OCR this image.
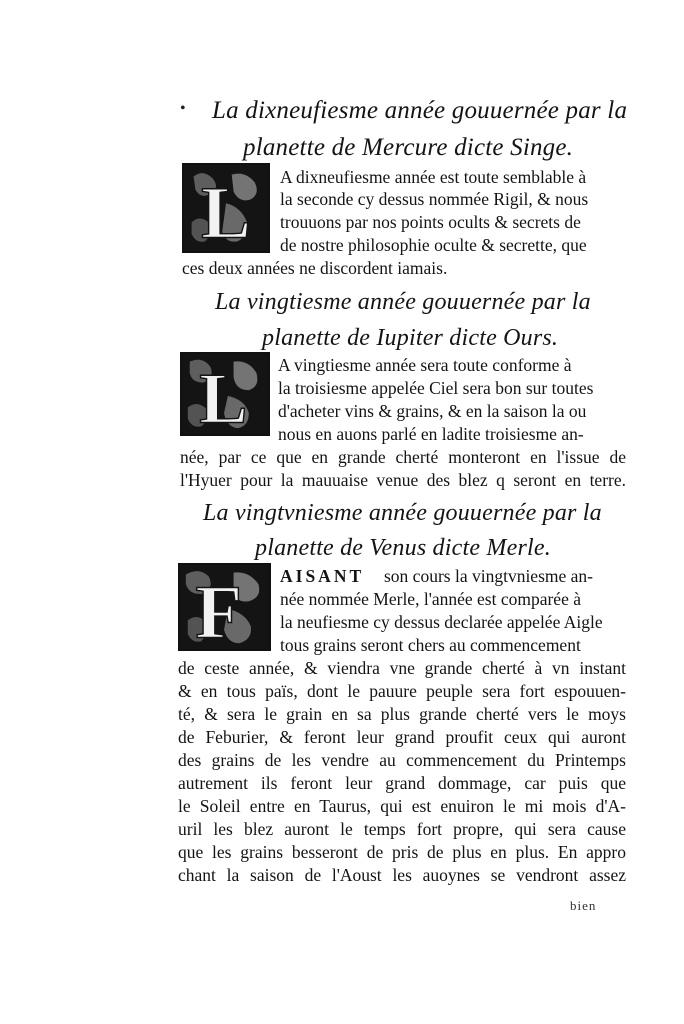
• La dixneufiesme année gouuernée par la
planette de Mercure dicte Singe.
L A dixneufiesme année est toute semblable à
la seconde cy dessus nommée Rigil, & nous
trouuons par nos points ocults & secrets de
de nostre philosophie oculte & secrette, que
ces deux années ne discordent iamais.
La vingtiesme année gouuernée par la
planette de Iupiter dicte Ours.
L A vingtiesme année sera toute conforme à
la troisiesme appelée Ciel sera bon sur toutes
d'acheter vins & grains, & en la saison la ou
nous en auons parlé en ladite troisiesme an-
née, par ce que en grande cherté monteront en l'issue de
l'Hyuer pour la mauuaise venue des blez q seront en terre.
La vingtvniesme année gouuernée par la
planette de Venus dicte Merle.
F AISANT son cours la vingtvniesme an-
née nommée Merle, l'année est comparée à
la neufiesme cy dessus declarée appelée Aigle
tous grains seront chers au commencement
de ceste année, & viendra vne grande cherté à vn instant
& en tous païs, dont le pauure peuple sera fort espouuen-
té, & sera le grain en sa plus grande cherté vers le moys
de Feburier, & feront leur grand proufit ceux qui auront
des grains de les vendre au commencement du Printemps
autrement ils feront leur grand dommage, car puis que
le Soleil entre en Taurus, qui est enuiron le mi mois d'A-
uril les blez auront le temps fort propre, qui sera cause
que les grains besseront de pris de plus en plus. En appro
chant la saison de l'Aoust les auoynes se vendront assez
bien
